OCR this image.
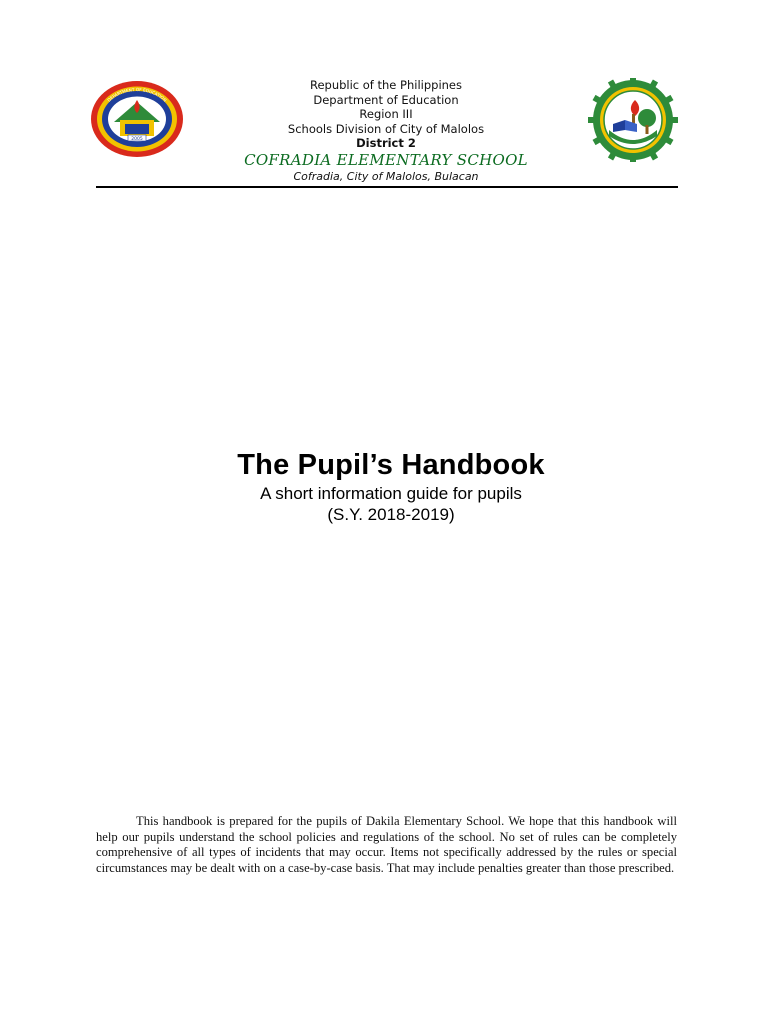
2005
DEPARTMENT OF EDUCATION
Republic of the Philippines
Department of Education
Region III
Schools Division of City of Malolos
District 2
COFRADIA ELEMENTARY SCHOOL
Cofradia, City of Malolos, Bulacan
The Pupil’s Handbook
A short information guide for pupils
(S.Y. 2018-2019)

This handbook is prepared for the pupils of Dakila Elementary School. We hope that this handbook will help our pupils understand the school policies and regulations of the school. No set of rules can be completely comprehensive of all types of incidents that may occur. Items not specifically addressed by the rules or special circumstances may be dealt with on a case-by-case basis. That may include penalties greater than those prescribed.
